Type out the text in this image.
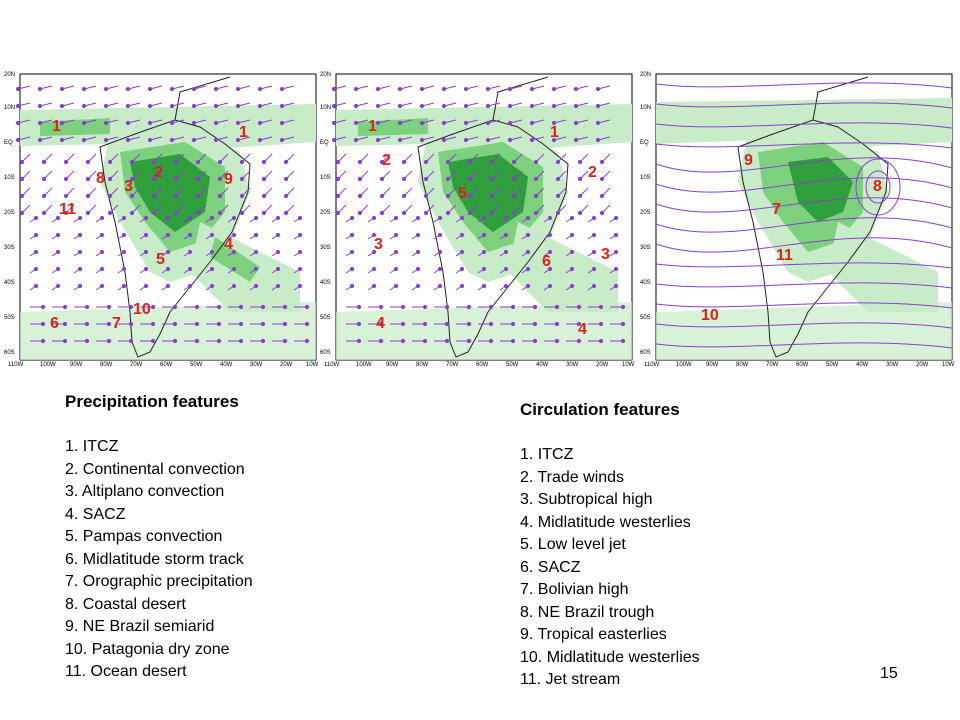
20N
10N
EQ
10S
20S
30S
40S
50S
60S
110W	100W 90W	80W	70W	60W	50W	40W	30W	20W 10W
1	1
2
8 3	9
11
4
5
10
6	7
20N
10N
EQ
10S
20S
30S
40S
50S
60S
110W	100W 90W	80W	70W	60W	50W	40W	30W	20W 10W
1	1
2
2
5
3
3
6
4	4
20N
10N
EQ
10S
20S
30S
40S
50S
60S
110W	100W 90W	80W	70W	60W	50W	40W	30W	20W 10W
9
8
7
11
10
Precipitation features
1. ITCZ
2. Continental convection
3. Altiplano convection
4. SACZ
5. Pampas convection
6. Midlatitude storm track
7. Orographic precipitation
8. Coastal desert
9. NE Brazil semiarid
10. Patagonia dry zone
11. Ocean desert
Circulation features
1. ITCZ
2. Trade winds
3. Subtropical high
4. Midlatitude westerlies
5. Low level jet
6. SACZ
7. Bolivian high
8. NE Brazil trough
9. Tropical easterlies
10. Midlatitude westerlies
11. Jet stream	15
